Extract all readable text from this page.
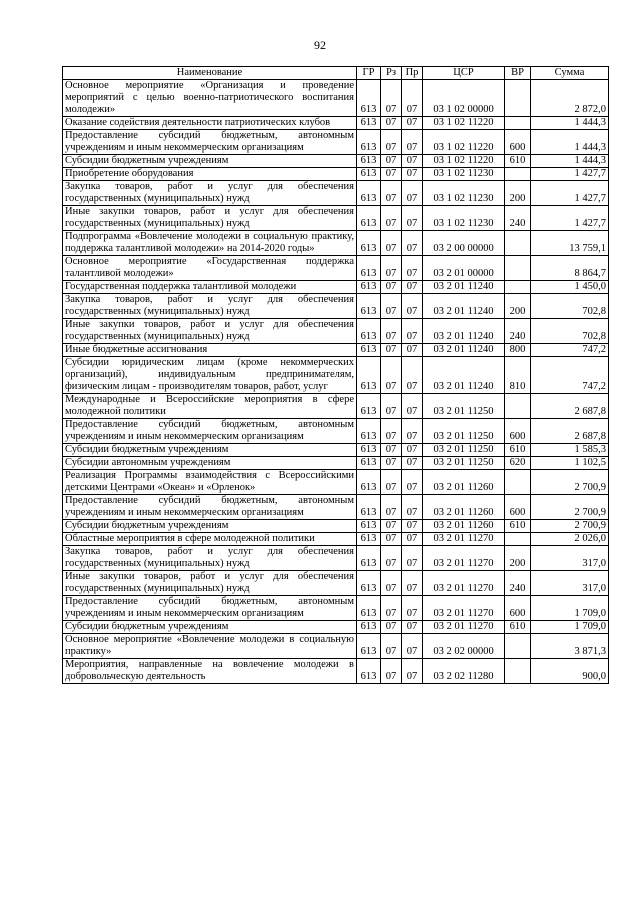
92
Наименование	ГР	Рз	Пр	ЦСР	ВР	Сумма
Основное мероприятие «Организация и проведение мероприятий с целью военно-патриотического воспитания молодежи»	613	07	07	03 1 02 00000		2 872,0
Оказание содействия деятельности патриотических клубов	613	07	07	03 1 02 11220		1 444,3
Предоставление субсидий бюджетным, автономным учреждениям и иным некоммерческим организациям	613	07	07	03 1 02 11220	600	1 444,3
Субсидии бюджетным учреждениям	613	07	07	03 1 02 11220	610	1 444,3
Приобретение оборудования	613	07	07	03 1 02 11230		1 427,7
Закупка товаров, работ и услуг для обеспечения государственных (муниципальных) нужд	613	07	07	03 1 02 11230	200	1 427,7
Иные закупки товаров, работ и услуг для обеспечения государственных (муниципальных) нужд	613	07	07	03 1 02 11230	240	1 427,7
Подпрограмма «Вовлечение молодежи в социальную практику, поддержка талантливой молодежи» на 2014-2020 годы»	613	07	07	03 2 00 00000		13 759,1
Основное мероприятие «Государственная поддержка талантливой молодежи»	613	07	07	03 2 01 00000		8 864,7
Государственная поддержка талантливой молодежи	613	07	07	03 2 01 11240		1 450,0
Закупка товаров, работ и услуг для обеспечения государственных (муниципальных) нужд	613	07	07	03 2 01 11240	200	702,8
Иные закупки товаров, работ и услуг для обеспечения государственных (муниципальных) нужд	613	07	07	03 2 01 11240	240	702,8
Иные бюджетные ассигнования	613	07	07	03 2 01 11240	800	747,2
Субсидии юридическим лицам (кроме некоммерческих организаций), индивидуальным предпринимателям, физическим лицам - производителям товаров, работ, услуг	613	07	07	03 2 01 11240	810	747,2
Международные и Всероссийские мероприятия в сфере молодежной политики	613	07	07	03 2 01 11250		2 687,8
Предоставление субсидий бюджетным, автономным учреждениям и иным некоммерческим организациям	613	07	07	03 2 01 11250	600	2 687,8
Субсидии бюджетным учреждениям	613	07	07	03 2 01 11250	610	1 585,3
Субсидии автономным учреждениям	613	07	07	03 2 01 11250	620	1 102,5
Реализация Программы взаимодействия с Всероссийскими детскими Центрами «Океан» и «Орленок»	613	07	07	03 2 01 11260		2 700,9
Предоставление субсидий бюджетным, автономным учреждениям и иным некоммерческим организациям	613	07	07	03 2 01 11260	600	2 700,9
Субсидии бюджетным учреждениям	613	07	07	03 2 01 11260	610	2 700,9
Областные мероприятия в сфере молодежной политики	613	07	07	03 2 01 11270		2 026,0
Закупка товаров, работ и услуг для обеспечения государственных (муниципальных) нужд	613	07	07	03 2 01 11270	200	317,0
Иные закупки товаров, работ и услуг для обеспечения государственных (муниципальных) нужд	613	07	07	03 2 01 11270	240	317,0
Предоставление субсидий бюджетным, автономным учреждениям и иным некоммерческим организациям	613	07	07	03 2 01 11270	600	1 709,0
Субсидии бюджетным учреждениям	613	07	07	03 2 01 11270	610	1 709,0
Основное мероприятие «Вовлечение молодежи в социальную практику»	613	07	07	03 2 02 00000		3 871,3
Мероприятия, направленные на вовлечение молодежи в добровольческую деятельность	613	07	07	03 2 02 11280		900,0
